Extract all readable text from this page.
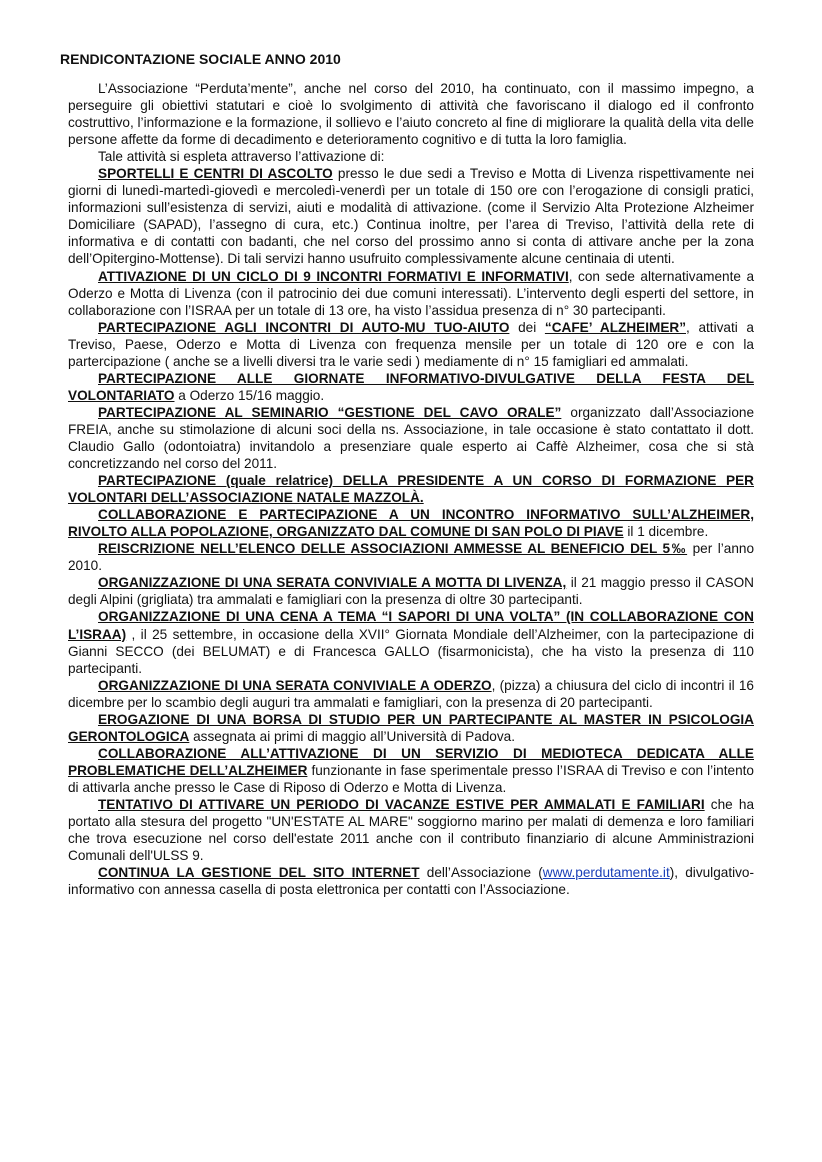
RENDICONTAZIONE SOCIALE ANNO 2010

L’Associazione “Perduta’mente”, anche nel corso del 2010, ha continuato, con il massimo impegno, a perseguire gli obiettivi statutari e cioè lo svolgimento di attività che favoriscano il dialogo ed il confronto costruttivo, l’informazione e la formazione, il sollievo e l’aiuto concreto al fine di migliorare la qualità della vita delle persone affette da forme di decadimento e deterioramento cognitivo e di tutta la loro famiglia.

Tale attività si espleta attraverso l’attivazione di:

SPORTELLI E CENTRI DI ASCOLTO presso le due sedi a Treviso e Motta di Livenza rispettivamente nei giorni di lunedì-martedì-giovedì e mercoledì-venerdì per un totale di 150 ore con l’erogazione di consigli pratici, informazioni sull’esistenza di servizi, aiuti e modalità di attivazione. (come il Servizio Alta Protezione Alzheimer Domiciliare (SAPAD), l’assegno di cura, etc.) Continua inoltre, per l’area di Treviso, l’attività della rete di informativa e di contatti con badanti, che nel corso del prossimo anno si conta di attivare anche per la zona dell’Opitergino-Mottense). Di tali servizi hanno usufruito complessivamente alcune centinaia di utenti.

ATTIVAZIONE DI UN CICLO DI 9 INCONTRI FORMATIVI E INFORMATIVI, con sede alternativamente a Oderzo e Motta di Livenza (con il patrocinio dei due comuni interessati). L’intervento degli esperti del settore, in collaborazione con l’ISRAA per un totale di 13 ore, ha visto l’assidua presenza di n° 30 partecipanti.

PARTECIPAZIONE AGLI INCONTRI DI AUTO-MU TUO-AIUTO dei “CAFE’ ALZHEIMER”, attivati a Treviso, Paese, Oderzo e Motta di Livenza con frequenza mensile per un totale di 120 ore e con la partercipazione ( anche se a livelli diversi tra le varie sedi ) mediamente di n° 15 famigliari ed ammalati.

PARTECIPAZIONE ALLE GIORNATE INFORMATIVO-DIVULGATIVE DELLA FESTA DEL VOLONTARIATO a Oderzo 15/16 maggio.

PARTECIPAZIONE AL SEMINARIO “GESTIONE DEL CAVO ORALE” organizzato dall’Associazione FREIA, anche su stimolazione di alcuni soci della ns. Associazione, in tale occasione è stato contattato il dott. Claudio Gallo (odontoiatra) invitandolo a presenziare quale esperto ai Caffè Alzheimer, cosa che si stà concretizzando nel corso del 2011.

PARTECIPAZIONE (quale relatrice) DELLA PRESIDENTE A UN CORSO DI FORMAZIONE PER VOLONTARI DELL’ASSOCIAZIONE NATALE MAZZOLÀ.

COLLABORAZIONE E PARTECIPAZIONE A UN INCONTRO INFORMATIVO SULL’ALZHEIMER, RIVOLTO ALLA POPOLAZIONE, ORGANIZZATO DAL COMUNE DI SAN POLO DI PIAVE il 1 dicembre.

REISCRIZIONE NELL’ELENCO DELLE ASSOCIAZIONI AMMESSE AL BENEFICIO DEL 5‰ per l’anno 2010.

ORGANIZZAZIONE DI UNA SERATA CONVIVIALE A MOTTA DI LIVENZA, il 21 maggio presso il CASON degli Alpini (grigliata) tra ammalati e famigliari con la presenza di oltre 30 partecipanti.

ORGANIZZAZIONE DI UNA CENA A TEMA “I SAPORI DI UNA VOLTA” (IN COLLABORAZIONE CON L’ISRAA) , il 25 settembre, in occasione della XVII° Giornata Mondiale dell’Alzheimer, con la partecipazione di Gianni SECCO (dei BELUMAT) e di Francesca GALLO (fisarmonicista), che ha visto la presenza di 110 partecipanti.

ORGANIZZAZIONE DI UNA SERATA CONVIVIALE A ODERZO, (pizza) a chiusura del ciclo di incontri il 16 dicembre per lo scambio degli auguri tra ammalati e famigliari, con la presenza di 20 partecipanti.

EROGAZIONE DI UNA BORSA DI STUDIO PER UN PARTECIPANTE AL MASTER IN PSICOLOGIA GERONTOLOGICA assegnata ai primi di maggio all’Università di Padova.

COLLABORAZIONE ALL’ATTIVAZIONE DI UN SERVIZIO DI MEDIOTECA DEDICATA ALLE PROBLEMATICHE DELL’ALZHEIMER funzionante in fase sperimentale presso l’ISRAA di Treviso e con l’intento di attivarla anche presso le Case di Riposo di Oderzo e Motta di Livenza.

TENTATIVO DI ATTIVARE UN PERIODO DI VACANZE ESTIVE PER AMMALATI E FAMILIARI che ha portato alla stesura del progetto "UN'ESTATE AL MARE" soggiorno marino per malati di demenza e loro familiari che trova esecuzione nel corso dell'estate 2011 anche con il contributo finanziario di alcune Amministrazioni Comunali dell'ULSS 9.

CONTINUA LA GESTIONE DEL SITO INTERNET dell’Associazione (www.perdutamente.it), divulgativo-informativo con annessa casella di posta elettronica per contatti con l’Associazione.
